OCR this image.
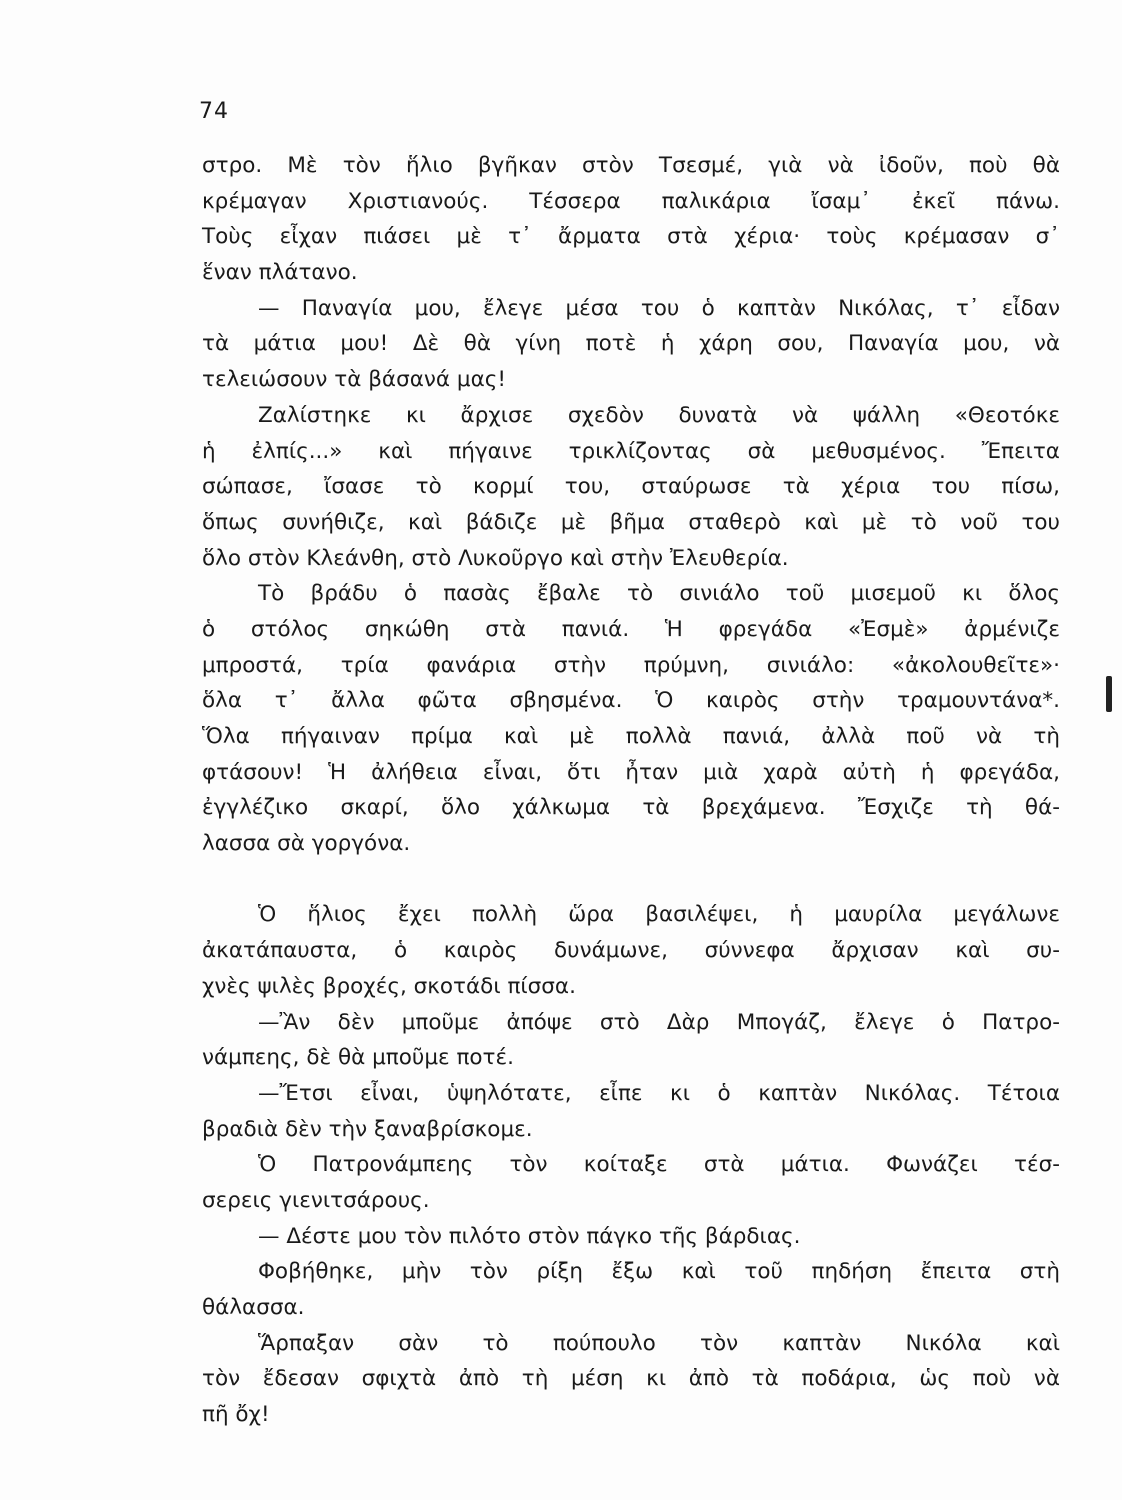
74
στρο. Μὲ τὸν ἥλιο βγῆκαν στὸν Τσεσμέ, γιὰ νὰ ἰδοῦν, ποὺ θὰ
κρέμαγαν Χριστιανούς. Τέσσερα παλικάρια ἴσαμ᾽ ἐκεῖ πάνω.
Τοὺς εἶχαν πιάσει μὲ τ᾽ ἄρματα στὰ χέρια· τοὺς κρέμασαν σ᾽
ἕναν πλάτανο.
— Παναγία μου, ἔλεγε μέσα του ὁ καπτὰν Νικόλας, τ᾽ εἶδαν
τὰ μάτια μου! Δὲ θὰ γίνη ποτὲ ἡ χάρη σου, Παναγία μου, νὰ
τελειώσουν τὰ βάσανά μας!
Ζαλίστηκε κι ἄρχισε σχεδὸν δυνατὰ νὰ ψάλλη «Θεοτόκε
ἡ ἐλπίς...» καὶ πήγαινε τρικλίζοντας σὰ μεθυσμένος. Ἔπειτα
σώπασε, ἴσασε τὸ κορμί του, σταύρωσε τὰ χέρια του πίσω,
ὅπως συνήθιζε, καὶ βάδιζε μὲ βῆμα σταθερὸ καὶ μὲ τὸ νοῦ του
ὅλο στὸν Κλεάνθη, στὸ Λυκοῦργο καὶ στὴν Ἐλευθερία.
Τὸ βράδυ ὁ πασὰς ἔβαλε τὸ σινιάλο τοῦ μισεμοῦ κι ὅλος
ὁ στόλος σηκώθη στὰ πανιά. Ἡ φρεγάδα «Ἐσμὲ» ἀρμένιζε
μπροστά, τρία φανάρια στὴν πρύμνη, σινιάλο: «ἀκολουθεῖτε»·
ὅλα τ᾽ ἄλλα φῶτα σβησμένα. Ὁ καιρὸς στὴν τραμουντάνα*.
Ὅλα πήγαιναν πρίμα καὶ μὲ πολλὰ πανιά, ἀλλὰ ποῦ νὰ τὴ
φτάσουν! Ἡ ἀλήθεια εἶναι, ὅτι ἦταν μιὰ χαρὰ αὐτὴ ἡ φρεγάδα,
ἐγγλέζικο σκαρί, ὅλο χάλκωμα τὰ βρεχάμενα. Ἔσχιζε τὴ θά-
λασσα σὰ γοργόνα.
Ὁ ἥλιος ἔχει πολλὴ ὥρα βασιλέψει, ἡ μαυρίλα μεγάλωνε
ἀκατάπαυστα, ὁ καιρὸς δυνάμωνε, σύννεφα ἄρχισαν καὶ συ-
χνὲς ψιλὲς βροχές, σκοτάδι πίσσα.
—Ἂν δὲν μποῦμε ἀπόψε στὸ Δὰρ Μπογάζ, ἔλεγε ὁ Πατρο-
νάμπεης, δὲ θὰ μποῦμε ποτέ.
—Ἔτσι εἶναι, ὑψηλότατε, εἶπε κι ὁ καπτὰν Νικόλας. Τέτοια
βραδιὰ δὲν τὴν ξαναβρίσκομε.
Ὁ Πατρονάμπεης τὸν κοίταξε στὰ μάτια. Φωνάζει τέσ-
σερεις γιενιτσάρους.
— Δέστε μου τὸν πιλότο στὸν πάγκο τῆς βάρδιας.
Φοβήθηκε, μὴν τὸν ρίξη ἔξω καὶ τοῦ πηδήση ἔπειτα στὴ
θάλασσα.
Ἅρπαξαν σὰν τὸ πούπουλο τὸν καπτὰν Νικόλα καὶ
τὸν ἔδεσαν σφιχτὰ ἀπὸ τὴ μέση κι ἀπὸ τὰ ποδάρια, ὡς ποὺ νὰ
πῆ ὄχ!
